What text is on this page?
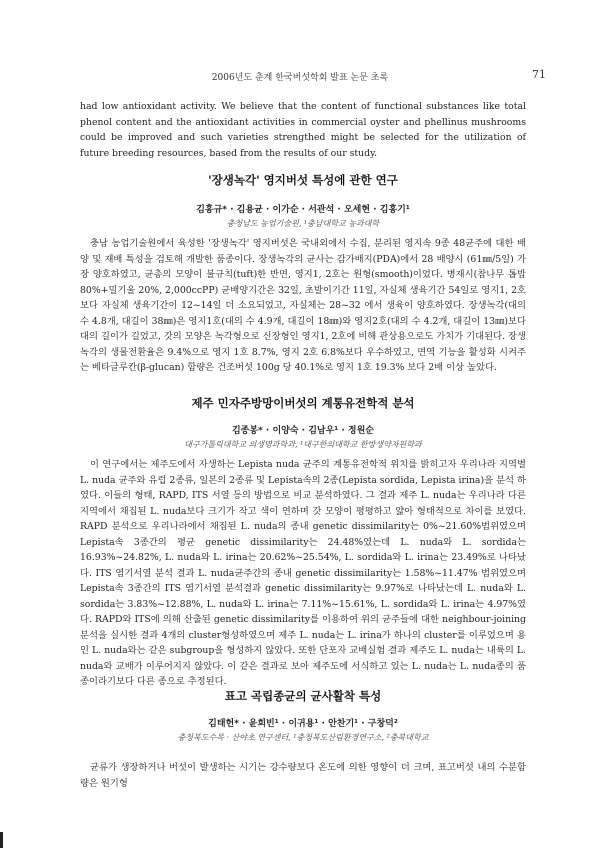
2006년도 춘계 한국버섯학회 발표 논문 초록	71

had low antioxidant activity. We believe that the content of functional substances like total phenol content and the antioxidant activities in commercial oyster and phellinus mushrooms could be improved and such varieties strengthed might be selected for the utilization of future breeding resources, based from the results of our study.

'장생녹각' 영지버섯 특성에 관한 연구
김홍규* · 김용균 · 이가순 · 서관석 · 오세현 · 김홍기¹
충청남도 농업기술원, ¹충남대학교 농과대학

충남 농업기술원에서 육성한 '장생녹각' 영지버섯은 국내외에서 수집, 분리된 영지속 9종 48균주에 대한 배양 및 재배 특성을 검토해 개발한 품종이다. 장생녹각의 균사는 감가배지(PDA)에서 28 배양시 (61㎜/5일) 가장 양호하였고, 균총의 모양이 불규칙(tuft)한 반면, 영지1, 2호는 원형(smooth)이었다. 병재시(참나무 톱밥 80%+밀기울 20%, 2,000ccPP) 균배양기간은 32일, 초발이기간 11일, 자실체 생육기간 54일로 영지1, 2호 보다 자실체 생육기간이 12~14일 더 소요되었고, 자실체는 28~32 에서 생육이 양호하였다. 장생녹각(대의 수 4.8개, 대길이 38㎜)은 영지1호(대의 수 4.9개, 대길이 18㎜)와 영지2호(대의 수 4.2개, 대길이 13㎜)보다 대의 길이가 길었고, 갓의 모양은 녹각형으로 신장형인 영지1, 2호에 비해 관상용으로도 가치가 기대된다. 장생녹각의 생물전환율은 9.4%으로 영지 1호 8.7%, 영지 2호 6.8%보다 우수하였고, 면역 기능을 활성화 시켜주는 베타글루칸(β-glucan) 함량은 건조버섯 100g 당 40.1%로 영지 1호 19.3% 보다 2배 이상 높았다.

제주 민자주방망이버섯의 계통유전학적 분석
김종봉* · 이양숙 · 김남우¹ · 정원순
대구가톨릭대학교 의생명과학과, ¹대구한의대학교 한방생약자원학과

이 연구에서는 제주도에서 자생하는 Lepista nuda 균주의 계통유전학적 위치를 밝히고자 우리나라 지역별 L. nuda 균주와 유럽 2종류, 일본의 2종류 및 Lepista속의 2종(Lepista sordida, Lepista irina)을 분석 하였다. 이들의 형태, RAPD, ITS 서열 등의 방법으로 비교 분석하였다. 그 결과 제주 L. nuda는 우리나라 다른 지역에서 채집된 L. nuda보다 크기가 작고 색이 연하며 갓 모양이 평평하고 얇아 형태적으로 차이를 보였다. RAPD 분석으로 우리나라에서 채집된 L. nuda의 종내 genetic dissimilarity는 0%~21.60%범위였으며 Lepista속 3종간의 평균 genetic dissimilarity는 24.48%였는데 L. nuda와 L. sordida는 16.93%~24.82%, L. nuda와 L. irina는 20.62%~25.54%, L. sordida와 L. irina는 23.49%로 나타났다. ITS 염기서열 분석 결과 L. nuda균주간의 종내 genetic dissimilarity는 1.58%~11.47% 범위였으며 Lepista속 3종간의 ITS 염기서열 분석결과 genetic dissimilarity는 9.97%로 나타났는데 L. nuda와 L. sordida는 3.83%~12.88%, L. nuda와 L. irina는 7.11%~15.61%, L. sordida와 L. irina는 4.97%였다. RAPD와 ITS에 의해 산출된 genetic dissimilarity를 이용하여 위의 균주들에 대한 neighbour-joining 분석을 실시한 결과 4개의 cluster형성하였으며 제주 L. nuda는 L. irina가 하나의 cluster를 이루었으며 용인 L. nuda와는 같은 subgroup을 형성하지 않았다. 또한 단포자 교배실험 결과 제주도 L. nuda는 내륙의 L. nuda와 교배가 이루어지지 않았다. 이 같은 결과로 보아 제주도에 서식하고 있는 L. nuda는 L. nuda종의 품종이라기보다 다른 종으로 추정된다.

표고 곡립종균의 균사활착 특성
김태헌* · 윤희빈¹ · 이귀용¹ · 안찬기¹ · 구창덕²
충청북도수목 · 산야초 연구센터, ¹충청북도산림환경연구소, ²충북대학교

균류가 생장하거나 버섯이 발생하는 시기는 강수량보다 온도에 의한 영향이 더 크며, 표고버섯 내의 수분함량은 원기형
